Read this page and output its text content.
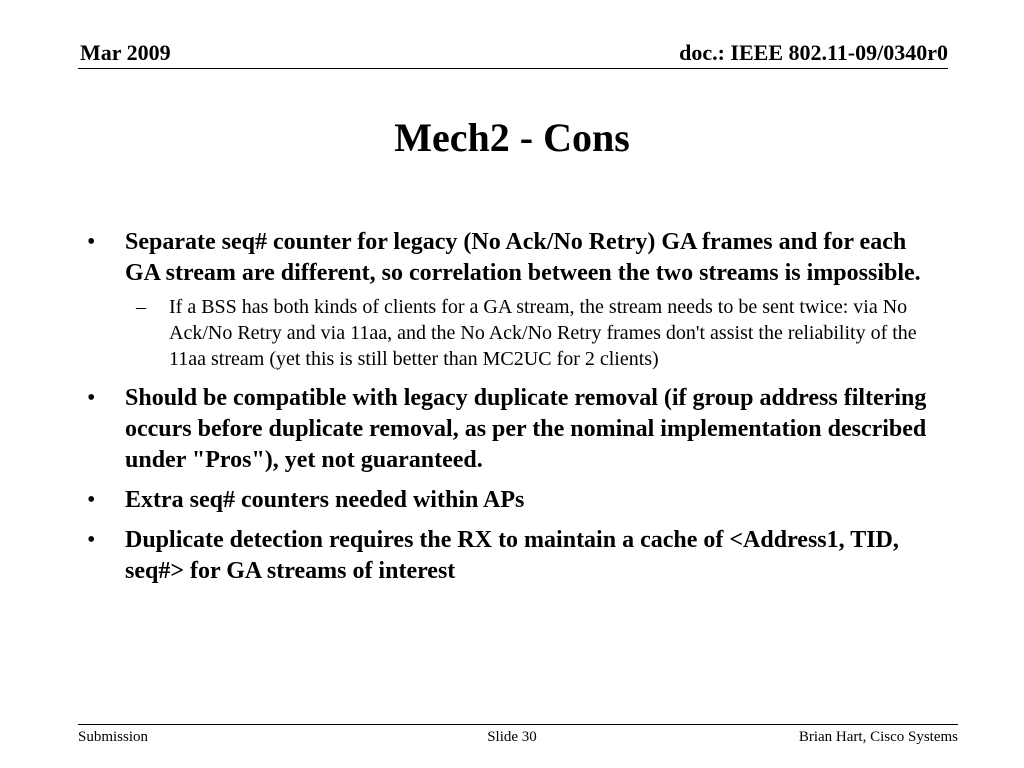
Mar 2009	doc.: IEEE 802.11-09/0340r0
Mech2 - Cons
• Separate seq# counter for legacy (No Ack/No Retry) GA frames and for each GA stream are different, so correlation between the two streams is impossible.
– If a BSS has both kinds of clients for a GA stream, the stream needs to be sent twice: via No Ack/No Retry and via 11aa, and the No Ack/No Retry frames don't assist the reliability of the 11aa stream (yet this is still better than MC2UC for 2 clients)
• Should be compatible with legacy duplicate removal (if group address filtering occurs before duplicate removal, as per the nominal implementation described under "Pros"), yet not guaranteed.
• Extra seq# counters needed within APs
• Duplicate detection requires the RX to maintain a cache of <Address1, TID, seq#> for GA streams of interest
Submission	Slide 30	Brian Hart, Cisco Systems
